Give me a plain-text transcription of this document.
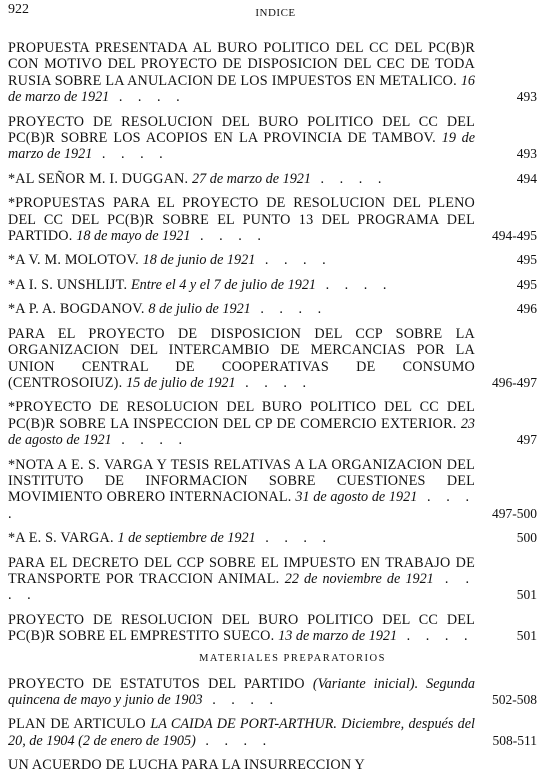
922	INDICE
PROPUESTA PRESENTADA AL BURO POLITICO DEL CC DEL PC(B)R CON MOTIVO DEL PROYECTO DE DISPOSICION DEL CEC DE TODA RUSIA SOBRE LA ANULACION DE LOS IMPUESTOS EN METALICO. 16 de marzo de 1921 . . . .	493
PROYECTO DE RESOLUCION DEL BURO POLITICO DEL CC DEL PC(B)R SOBRE LOS ACOPIOS EN LA PROVINCIA DE TAMBOV. 19 de marzo de 1921 . . . .	493
*AL SEÑOR M. I. DUGGAN. 27 de marzo de 1921 . . . .	494
*PROPUESTAS PARA EL PROYECTO DE RESOLUCION DEL PLENO DEL CC DEL PC(B)R SOBRE EL PUNTO 13 DEL PROGRAMA DEL PARTIDO. 18 de mayo de 1921 . . . .	494-495
*A V. M. MOLOTOV. 18 de junio de 1921 . . . .	495
*A I. S. UNSHLIJT. Entre el 4 y el 7 de julio de 1921 . . . .	495
*A P. A. BOGDANOV. 8 de julio de 1921 . . . .	496
PARA EL PROYECTO DE DISPOSICION DEL CCP SOBRE LA ORGANIZACION DEL INTERCAMBIO DE MERCANCIAS POR LA UNION CENTRAL DE COOPERATIVAS DE CONSUMO (CENTROSOIUZ). 15 de julio de 1921 . . . .	496-497
*PROYECTO DE RESOLUCION DEL BURO POLITICO DEL CC DEL PC(B)R SOBRE LA INSPECCION DEL CP DE COMERCIO EXTERIOR. 23 de agosto de 1921 . . . .	497
*NOTA A E. S. VARGA Y TESIS RELATIVAS A LA ORGANIZACION DEL INSTITUTO DE INFORMACION SOBRE CUESTIONES DEL MOVIMIENTO OBRERO INTERNACIONAL. 31 de agosto de 1921 . . . .	497-500
*A E. S. VARGA. 1 de septiembre de 1921 . . . .	500
PARA EL DECRETO DEL CCP SOBRE EL IMPUESTO EN TRABAJO DE TRANSPORTE POR TRACCION ANIMAL. 22 de noviembre de 1921 . . . .	501
PROYECTO DE RESOLUCION DEL BURO POLITICO DEL CC DEL PC(B)R SOBRE EL EMPRESTITO SUECO. 13 de marzo de 1921 . . . .	501
MATERIALES PREPARATORIOS
PROYECTO DE ESTATUTOS DEL PARTIDO (Variante inicial). Segunda quincena de mayo y junio de 1903 . . . .	502-508
PLAN DE ARTICULO LA CAIDA DE PORT-ARTHUR. Diciembre, después del 20, de 1904 (2 de enero de 1905) . . . .	508-511
UN ACUERDO DE LUCHA PARA LA INSURRECCION Y
